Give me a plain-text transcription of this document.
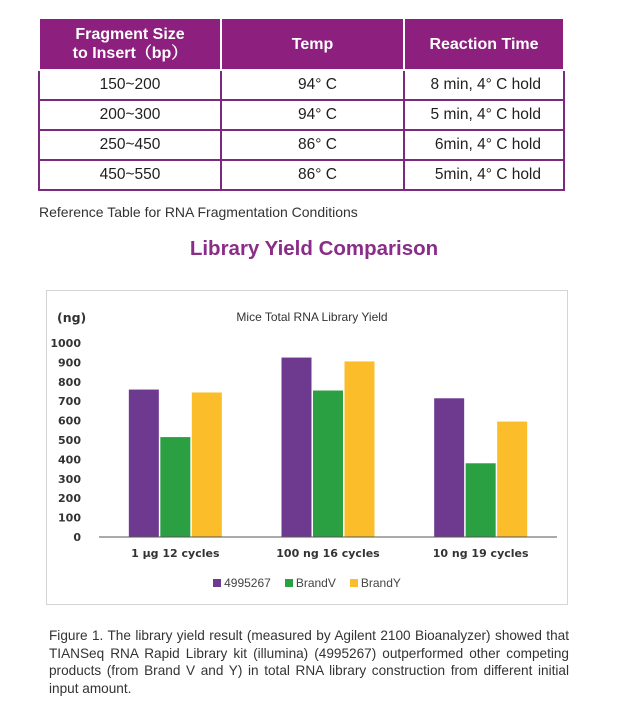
Fragment Size
to Insert（bp）	Temp	Reaction Time
150~200	94° C	8 min, 4° C hold
200~300	94° C	5 min, 4° C hold
250~450	86° C	6min, 4° C hold
450~550	86° C	5min, 4° C hold
Reference Table for RNA Fragmentation Conditions
Library Yield Comparison
Mice Total RNA Library Yield
(ng)
0
100
200
300
400
500
600
700
800
900
1000
1 µg 12 cycles	100 ng 16 cycles	10 ng 19 cycles
4995267 BrandV BrandY
Figure 1. The library yield result (measured by Agilent 2100 Bioanalyzer) showed that TIANSeq RNA Rapid Library kit (illumina) (4995267) outperformed other competing products (from Brand V and Y) in total RNA library construction from different initial input amount.
